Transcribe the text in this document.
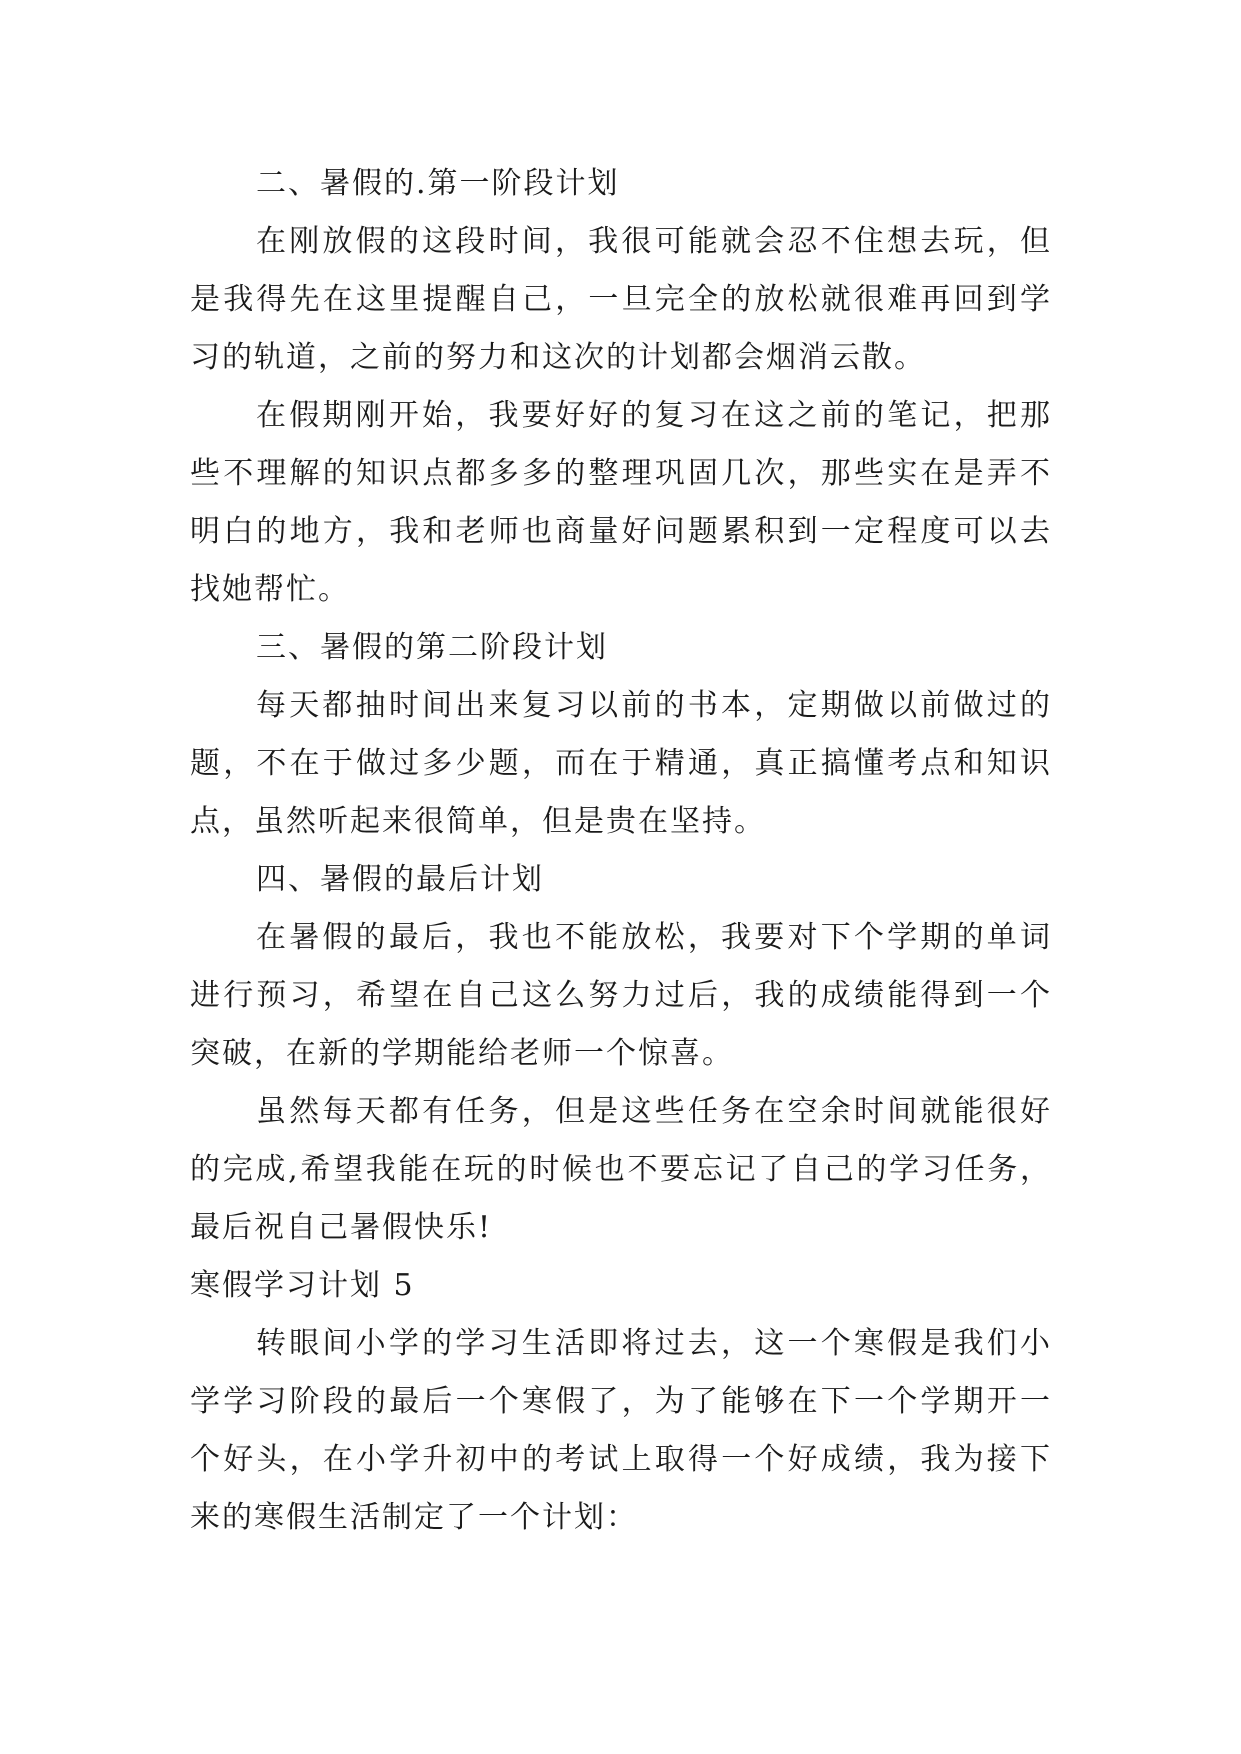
二、暑假的.第一阶段计划

在刚放假的这段时间，我很可能就会忍不住想去玩，但是我得先在这里提醒自己，一旦完全的放松就很难再回到学习的轨道，之前的努力和这次的计划都会烟消云散。

在假期刚开始，我要好好的复习在这之前的笔记，把那些不理解的知识点都多多的整理巩固几次，那些实在是弄不明白的地方，我和老师也商量好问题累积到一定程度可以去找她帮忙。

三、暑假的第二阶段计划

每天都抽时间出来复习以前的书本，定期做以前做过的题，不在于做过多少题，而在于精通，真正搞懂考点和知识点，虽然听起来很简单，但是贵在坚持。

四、暑假的最后计划

在暑假的最后，我也不能放松，我要对下个学期的单词进行预习，希望在自己这么努力过后，我的成绩能得到一个突破，在新的学期能给老师一个惊喜。

虽然每天都有任务，但是这些任务在空余时间就能很好的完成,希望我能在玩的时候也不要忘记了自己的学习任务，最后祝自己暑假快乐!

寒假学习计划 5

转眼间小学的学习生活即将过去，这一个寒假是我们小学学习阶段的最后一个寒假了，为了能够在下一个学期开一个好头，在小学升初中的考试上取得一个好成绩，我为接下来的寒假生活制定了一个计划：
